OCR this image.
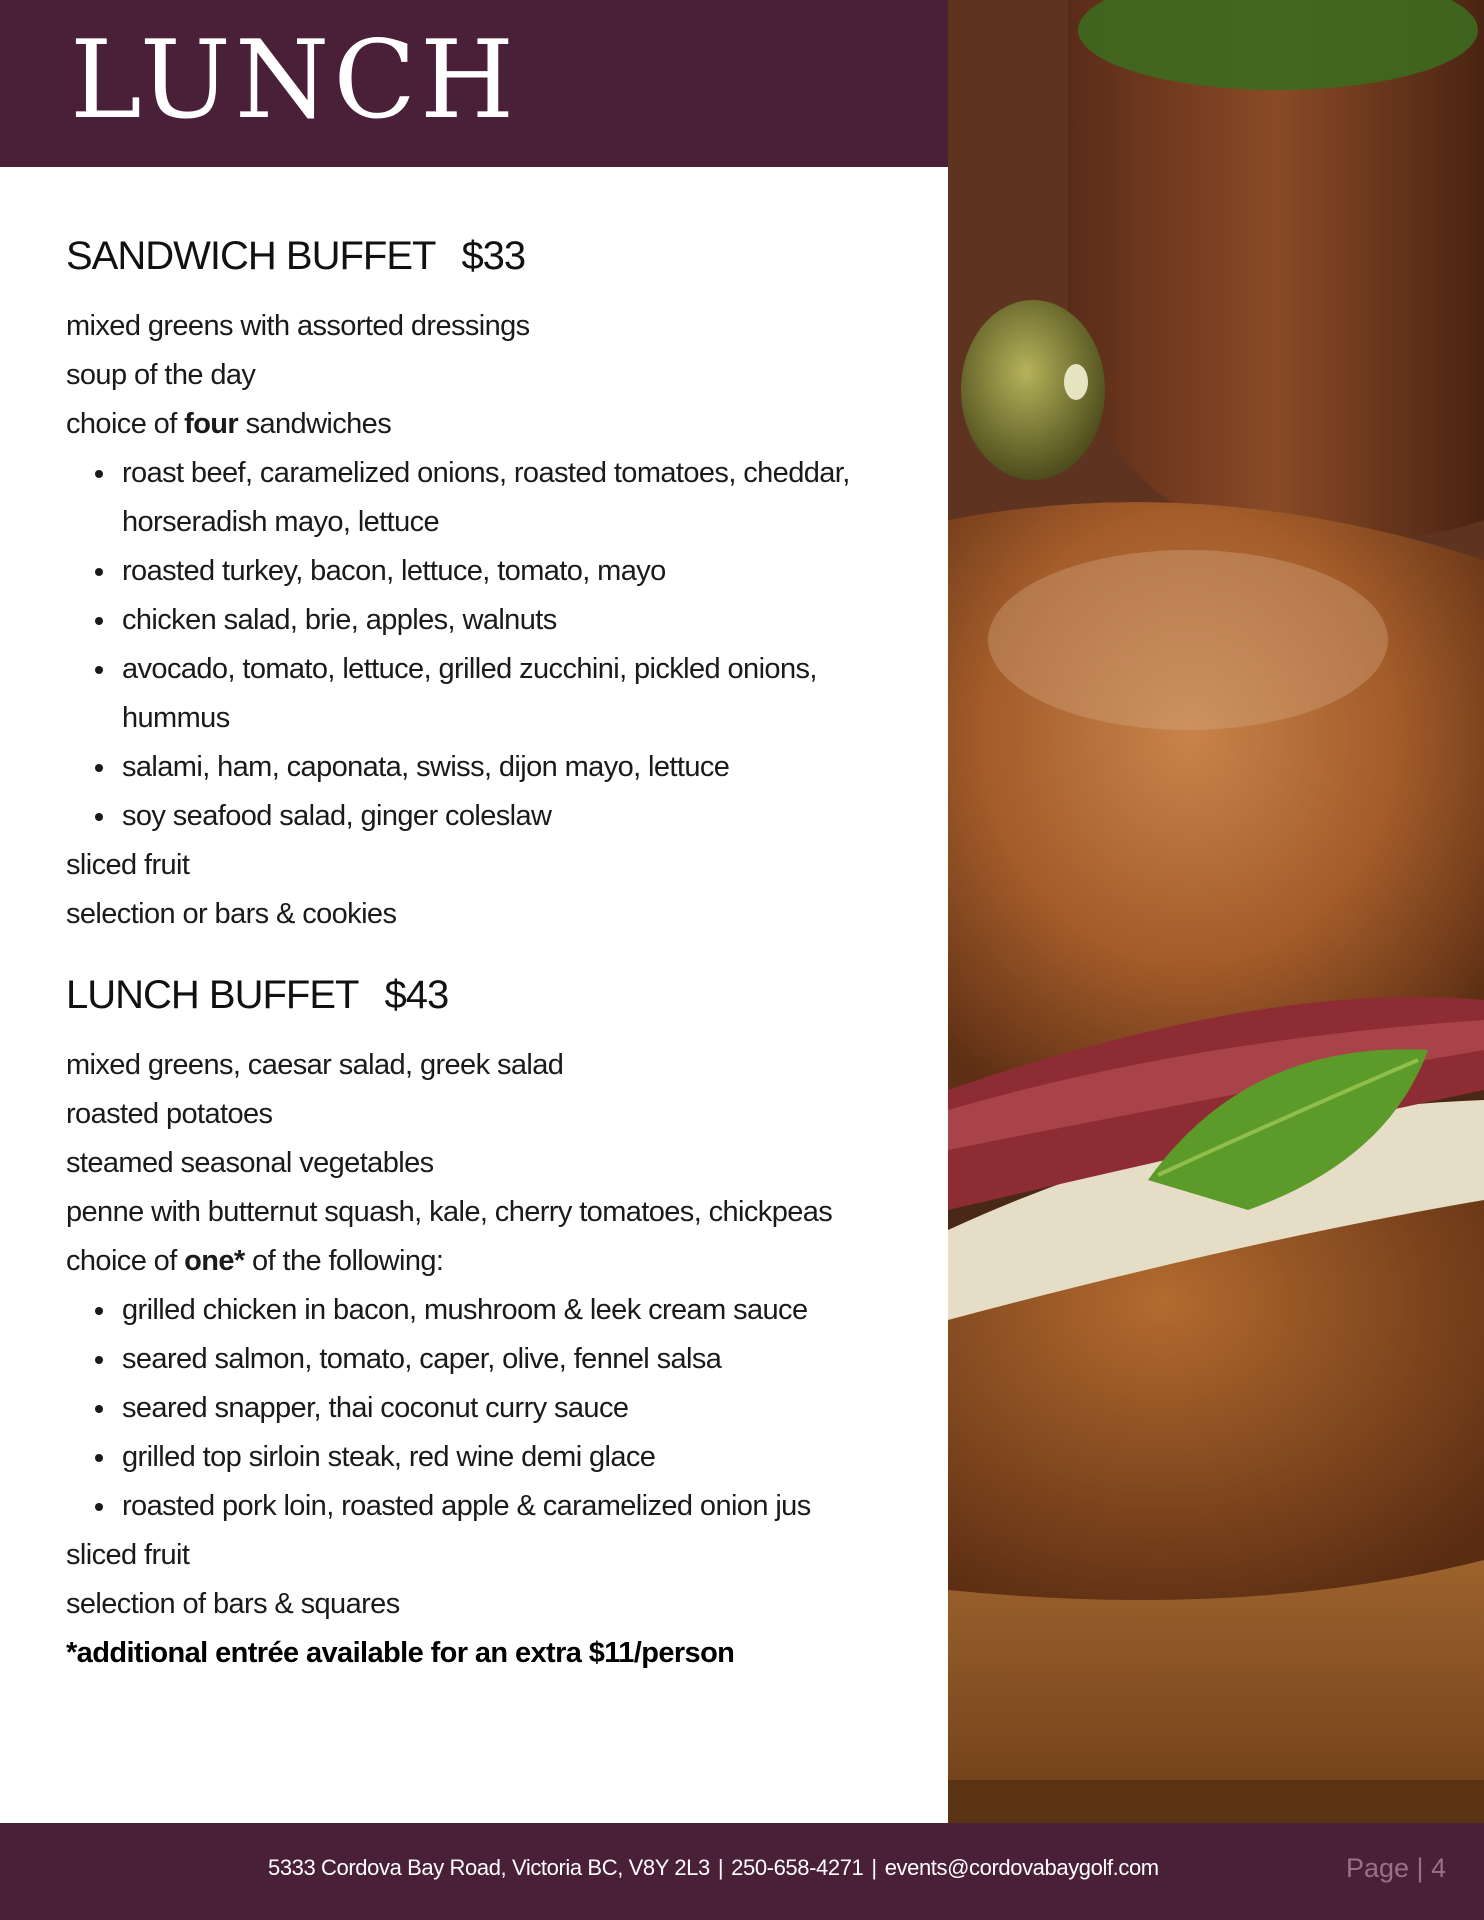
LUNCH
SANDWICH BUFFET $33
mixed greens with assorted dressings
soup of the day
choice of four sandwiches
roast beef, caramelized onions, roasted tomatoes, cheddar, horseradish mayo, lettuce
roasted turkey, bacon, lettuce, tomato, mayo
chicken salad, brie, apples, walnuts
avocado, tomato, lettuce, grilled zucchini, pickled onions, hummus
salami, ham, caponata, swiss, dijon mayo, lettuce
soy seafood salad, ginger coleslaw
sliced fruit
selection or bars & cookies
LUNCH BUFFET $43
mixed greens, caesar salad, greek salad
roasted potatoes
steamed seasonal vegetables
penne with butternut squash, kale, cherry tomatoes, chickpeas
choice of one* of the following:
grilled chicken in bacon, mushroom & leek cream sauce
seared salmon, tomato, caper, olive, fennel salsa
seared snapper, thai coconut curry sauce
grilled top sirloin steak, red wine demi glace
roasted pork loin, roasted apple & caramelized onion jus
sliced fruit
selection of bars & squares
*additional entrée available for an extra $11/person
5333 Cordova Bay Road, Victoria BC, V8Y 2L3 | 250-658-4271 | events@cordovabaygolf.com	Page | 4
